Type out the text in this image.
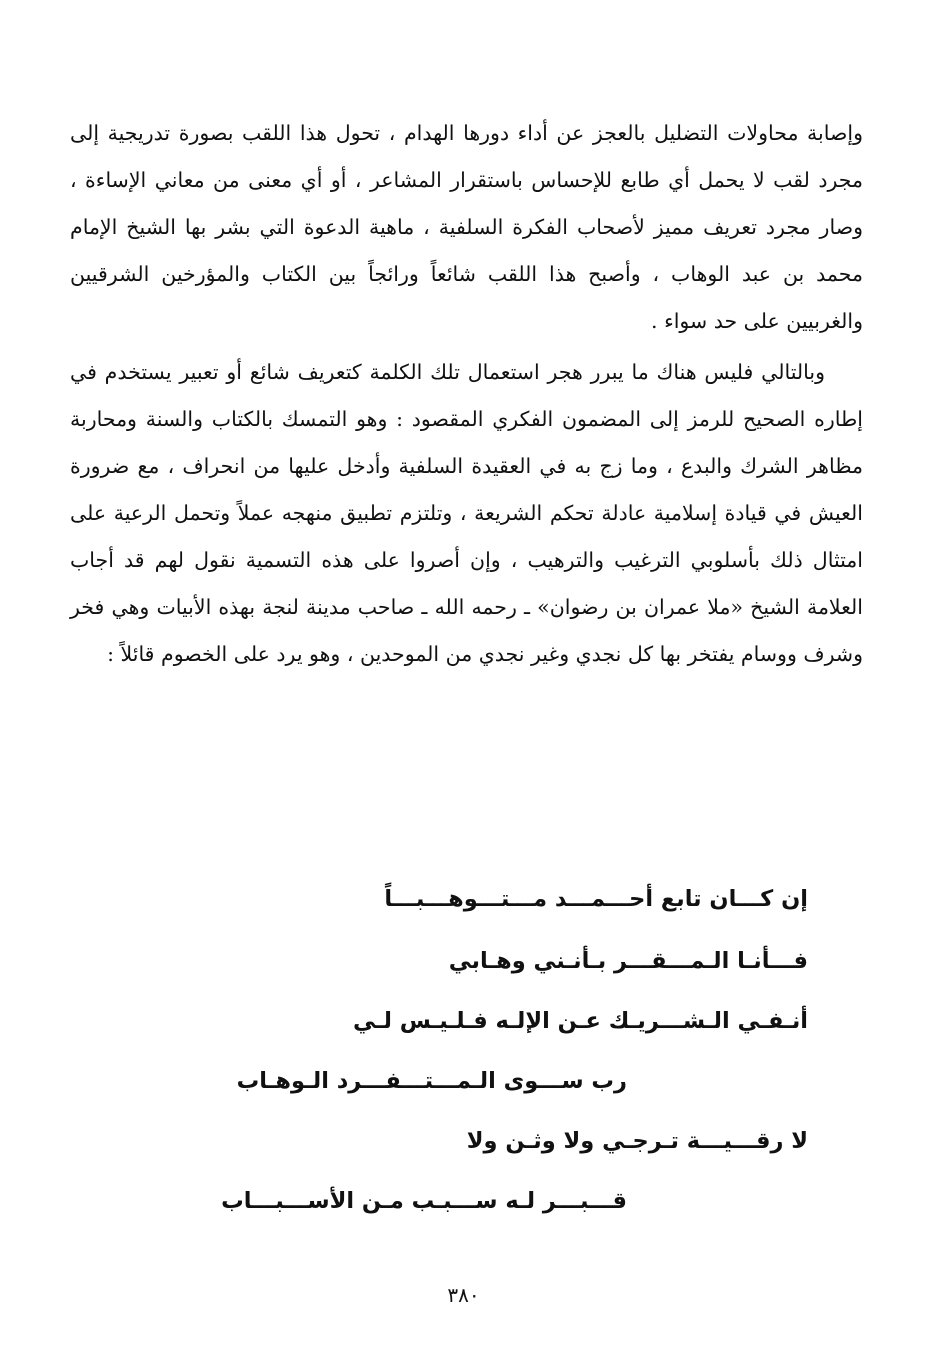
وإصابة محاولات التضليل بالعجز عن أداء دورها الهدام ، تحول هذا اللقب بصورة تدريجية إلى مجرد لقب لا يحمل أي طابع للإحساس باستقرار المشاعر ، أو أي معنى من معاني الإساءة ، وصار مجرد تعريف مميز لأصحاب الفكرة السلفية ، ماهية الدعوة التي بشر بها الشيخ الإمام محمد بن عبد الوهاب ، وأصبح هذا اللقب شائعاً ورائجاً بين الكتاب والمؤرخين الشرقيين والغربيين على حد سواء .

وبالتالي فليس هناك ما يبرر هجر استعمال تلك الكلمة كتعريف شائع أو تعبير يستخدم في إطاره الصحيح للرمز إلى المضمون الفكري المقصود : وهو التمسك بالكتاب والسنة ومحاربة مظاهر الشرك والبدع ، وما زج به في العقيدة السلفية وأدخل عليها من انحراف ، مع ضرورة العيش في قيادة إسلامية عادلة تحكم الشريعة ، وتلتزم تطبيق منهجه عملاً وتحمل الرعية على امتثال ذلك بأسلوبي الترغيب والترهيب ، وإن أصروا على هذه التسمية نقول لهم قد أجاب العلامة الشيخ «ملا عمران بن رضوان» ـ رحمه الله ـ صاحب مدينة لنجة بهذه الأبيات وهي فخر وشرف ووسام يفتخر بها كل نجدي وغير نجدي من الموحدين ، وهو يرد على الخصوم قائلاً :

إن كـــان تابع أحـــمـــد مـــتـــوهـــبـــاً
فـــأنـا الـمـــقـــر بـأنـني وهـابي
أنـفـي الـشـــريـك عـن الإلـه فـلـيـس لـي
رب ســـوى الـمـــتـــفـــرد الـوهـاب
لا رقـــيـــة تـرجـي ولا وثـن ولا
قـــبـــر لـه ســـبـب مـن الأســـبـــاب
٣٨٠
